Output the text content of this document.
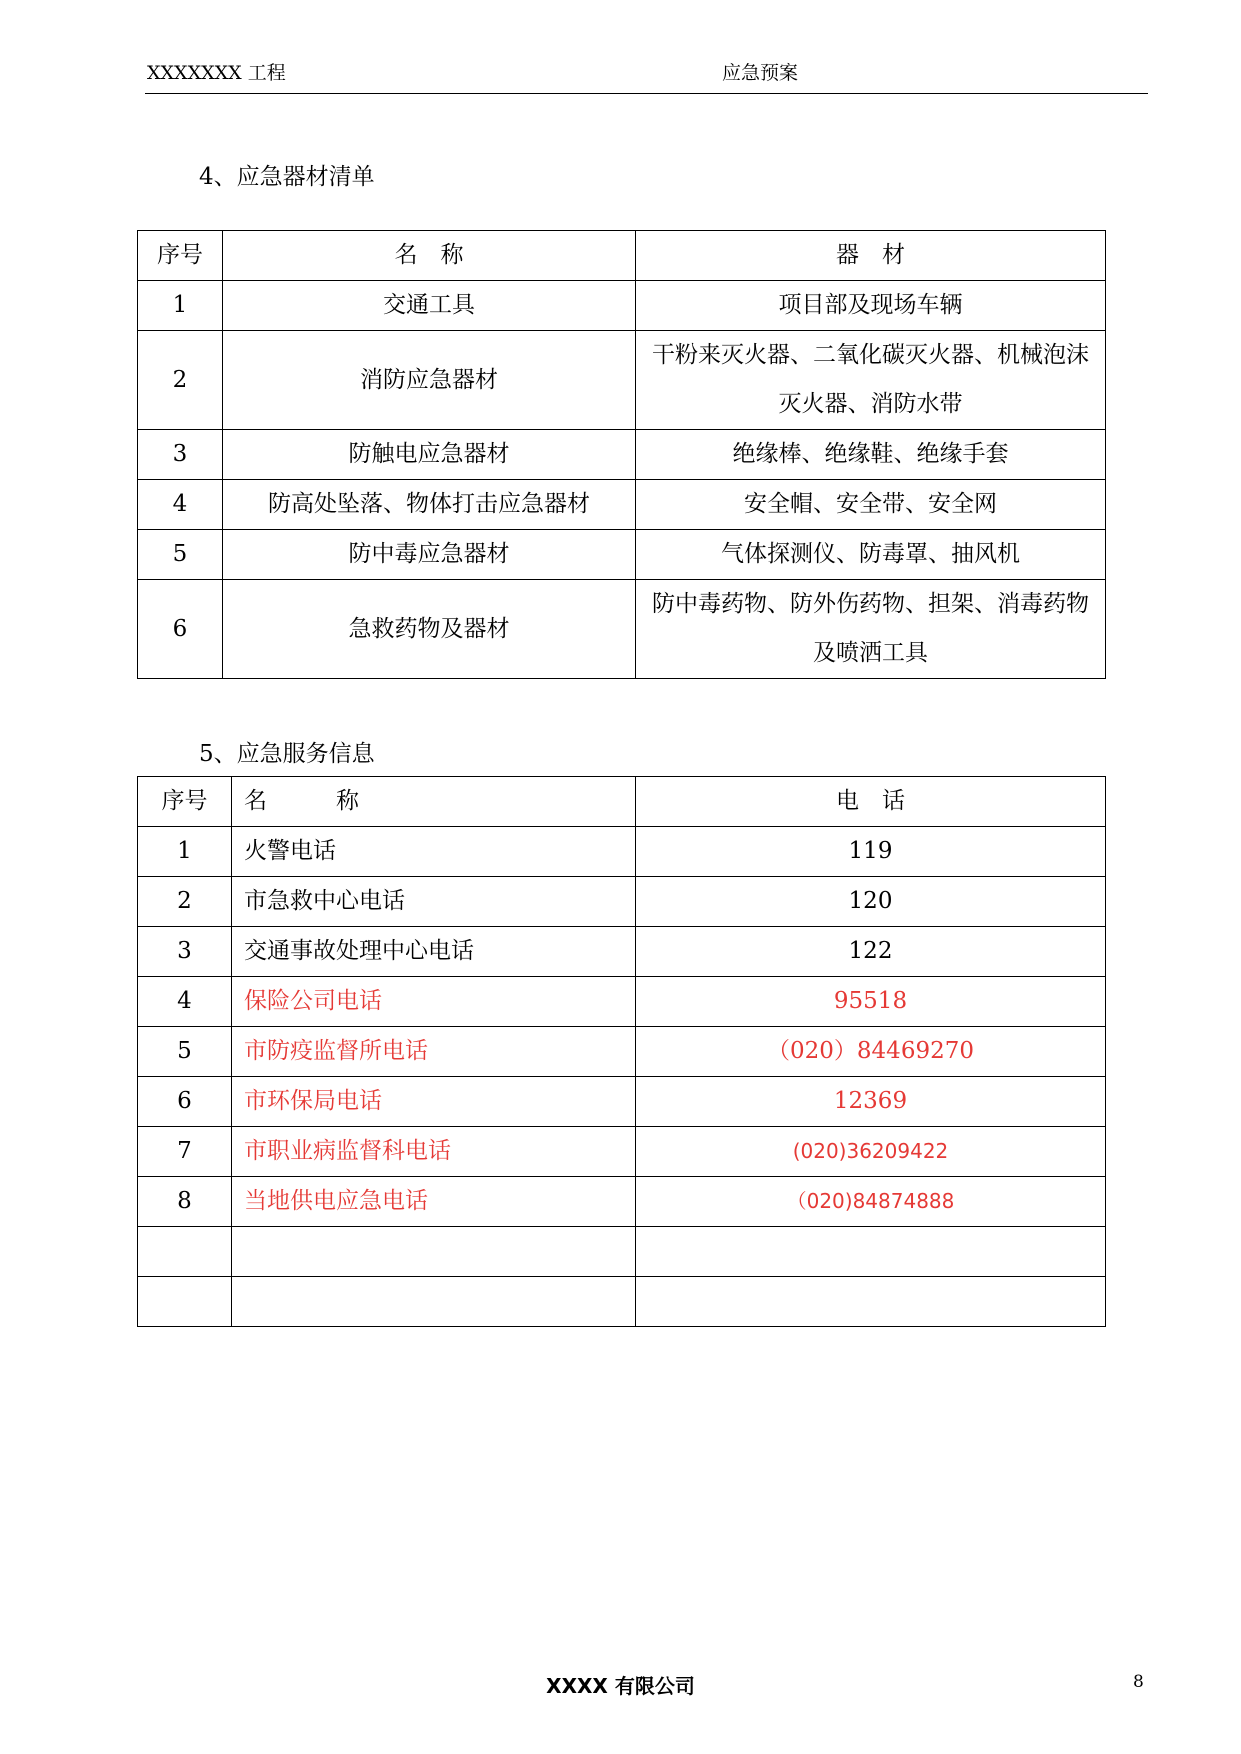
XXXXXXX 工程	应急预案
4、应急器材清单
序号	名　称	器　材
1	交通工具	项目部及现场车辆
2	消防应急器材	干粉来灭火器、二氧化碳灭火器、机械泡沫灭火器、消防水带
3	防触电应急器材	绝缘棒、绝缘鞋、绝缘手套
4	防高处坠落、物体打击应急器材	安全帽、安全带、安全网
5	防中毒应急器材	气体探测仪、防毒罩、抽风机
6	急救药物及器材	防中毒药物、防外伤药物、担架、消毒药物及喷洒工具
5、应急服务信息
序号	名　　　称	电　话
1	火警电话	119
2	市急救中心电话	120
3	交通事故处理中心电话	122
4	保险公司电话	95518
5	市防疫监督所电话	（020）84469270
6	市环保局电话	12369
7	市职业病监督科电话	(020)36209422
8	当地供电应急电话	（020)84874888

XXXX 有限公司	8
